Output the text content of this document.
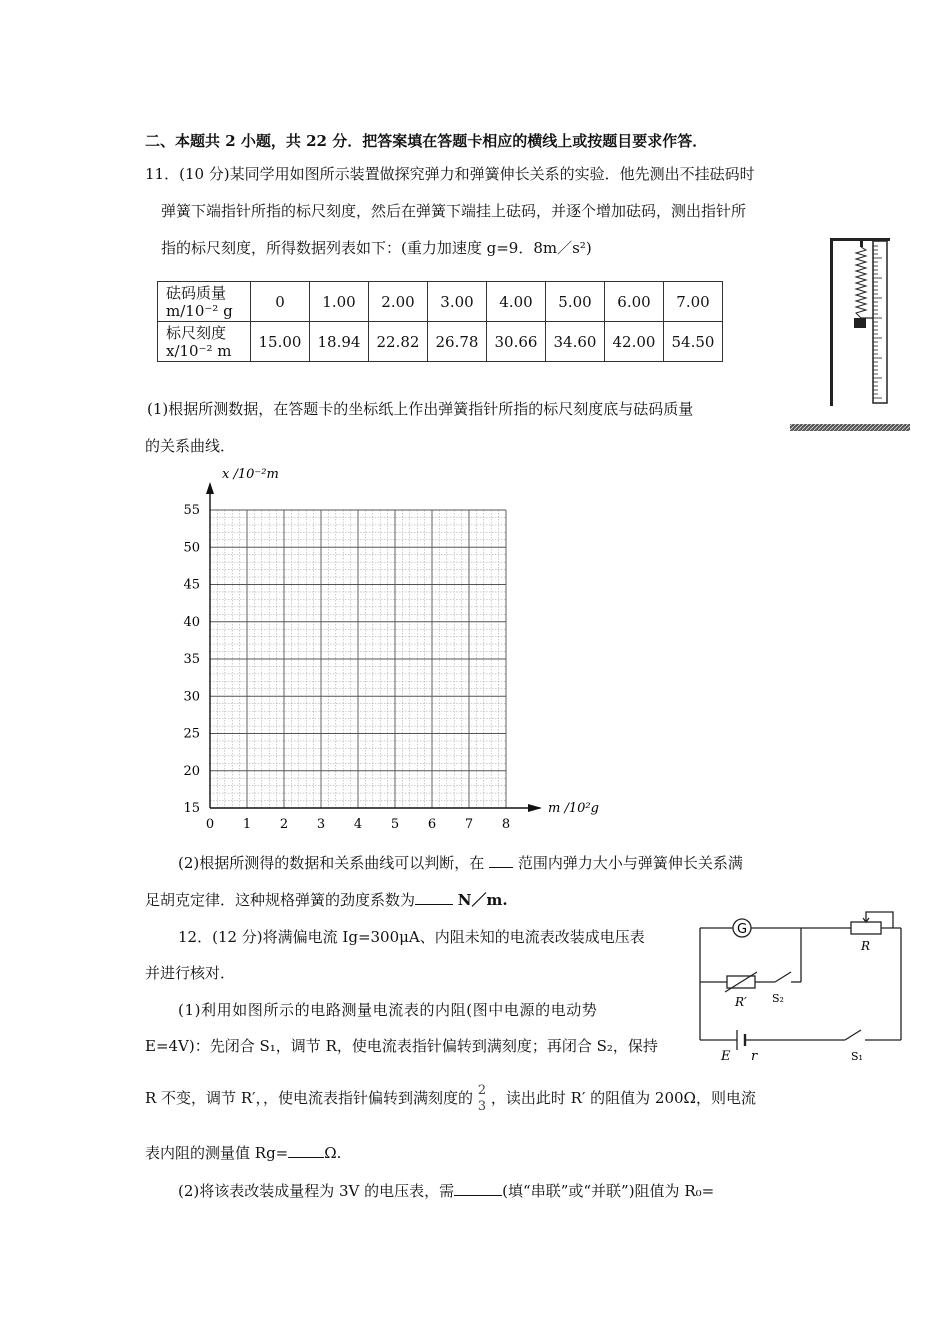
二、本题共 2 小题，共 22 分．把答案填在答题卡相应的横线上或按题目要求作答．
11．(10 分)某同学用如图所示装置做探究弹力和弹簧伸长关系的实验．他先测出不挂砝码时
弹簧下端指针所指的标尺刻度，然后在弹簧下端挂上砝码，并逐个增加砝码，测出指针所
指的标尺刻度，所得数据列表如下：(重力加速度 g=9．8m／s²)
砝码质量
m/10⁻² g	0	1.00	2.00	3.00	4.00	5.00	6.00	7.00
标尺刻度
x/10⁻² m	15.00	18.94	22.82	26.78	30.66	34.60	42.00	54.50
(1)根据所测数据，在答题卡的坐标纸上作出弹簧指针所指的标尺刻度底与砝码质量
的关系曲线．
0 1 2 3 4 5 6 7 8
15
20
25
30
35
40
45
50
55
m /10²g
x /10⁻²m
(2)根据所测得的数据和关系曲线可以判断，在 范围内弹力大小与弹簧伸长关系满
足胡克定律．这种规格弹簧的劲度系数为	N／m.
12．(12 分)将满偏电流 Ig=300μA、内阻未知的电流表改装成电压表
并进行核对．
(1)利用如图所示的电路测量电流表的内阻(图中电源的电动势
E=4V)：先闭合 S₁，调节 R，使电流表指针偏转到满刻度；再闭合 S₂，保持
R 不变，调节 R′，，使电流表指针偏转到满刻度的 2
3 ，读出此时 R′ 的阻值为 200Ω，则电流
表内阻的测量值 Rg= Ω.
(2)将该表改装成量程为 3V 的电压表，需	(填“串联”或“并联”)阻值为 R₀=
G
R
R′ S₂
E r	S₁
